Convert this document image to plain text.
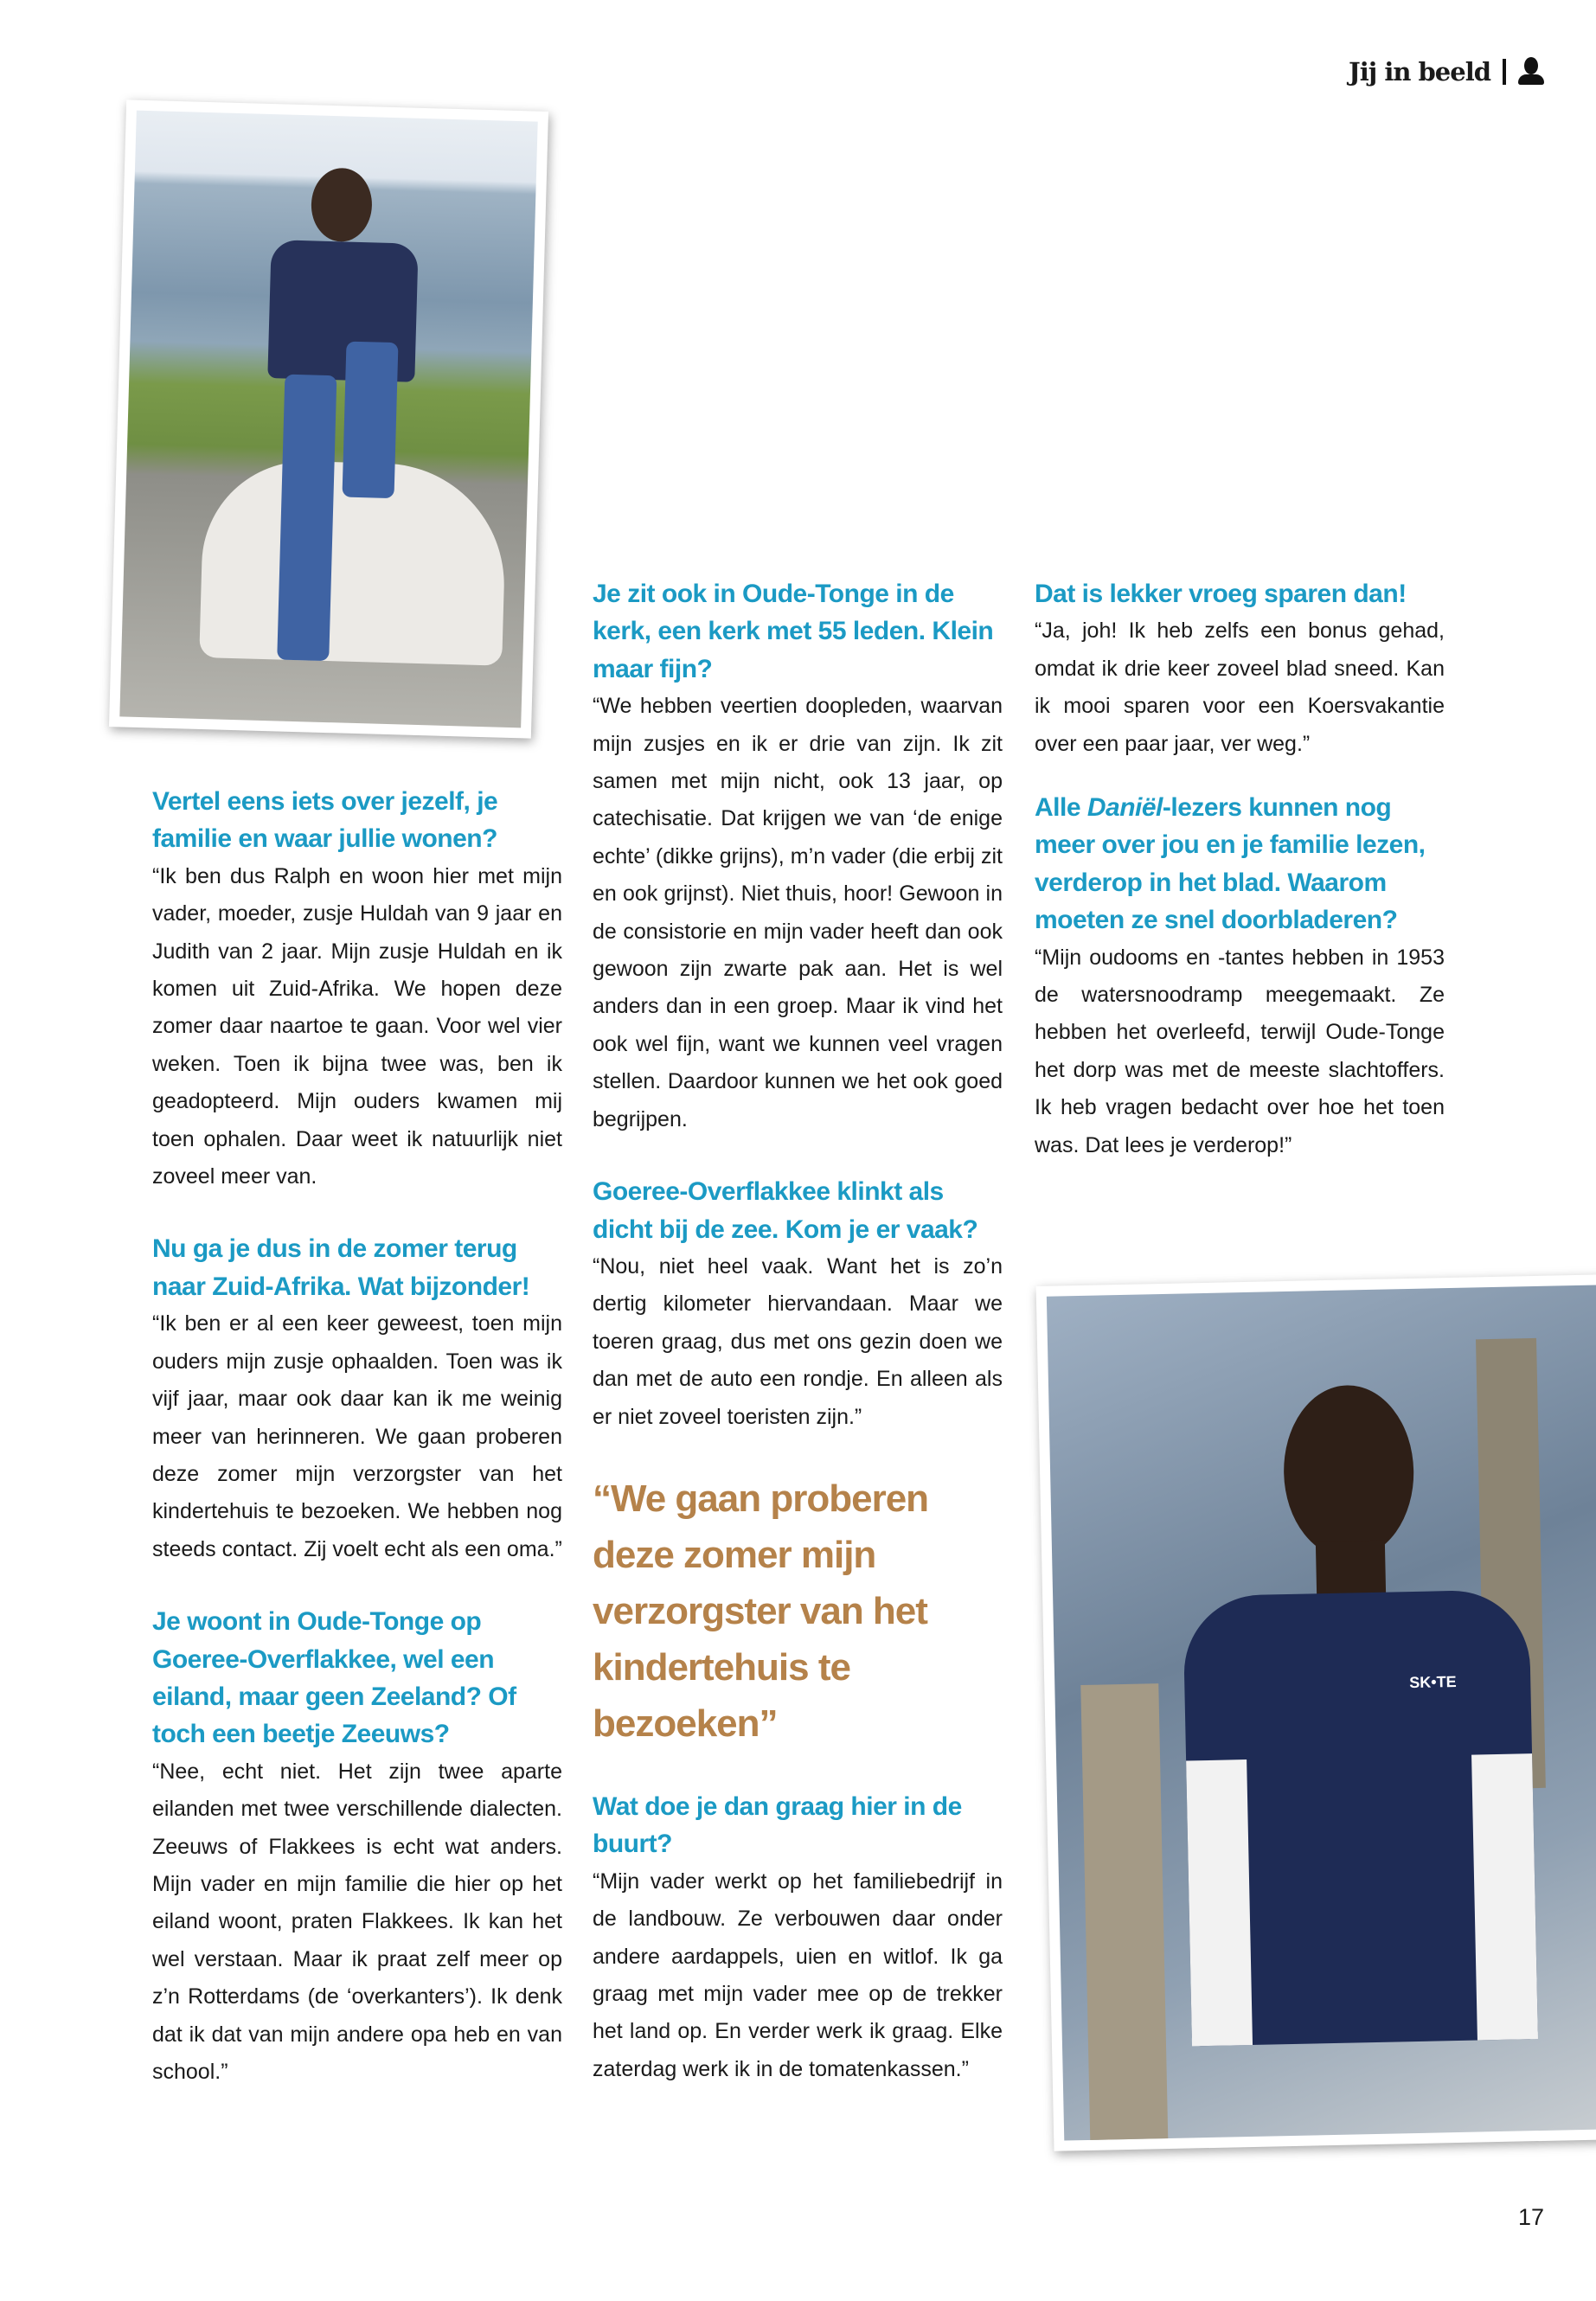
Jij in beeld
Vertel eens iets over jezelf, je familie en waar jullie wonen?

“Ik ben dus Ralph en woon hier met mijn vader, moeder, zusje Huldah van 9 jaar en Judith van 2 jaar. Mijn zusje Huldah en ik komen uit Zuid-Afrika. We hopen deze zomer daar naartoe te gaan. Voor wel vier weken. Toen ik bijna twee was, ben ik geadopteerd. Mijn ouders kwamen mij toen ophalen. Daar weet ik natuurlijk niet zoveel meer van.

Nu ga je dus in de zomer terug naar Zuid-Afrika. Wat bijzonder!

“Ik ben er al een keer geweest, toen mijn ouders mijn zusje ophaalden. Toen was ik vijf jaar, maar ook daar kan ik me weinig meer van herinneren. We gaan proberen deze zomer mijn verzorgster van het kindertehuis te bezoeken. We hebben nog steeds contact. Zij voelt echt als een oma.”

Je woont in Oude-Tonge op Goeree-Overflakkee, wel een eiland, maar geen Zeeland? Of toch een beetje Zeeuws?

“Nee, echt niet. Het zijn twee aparte eilanden met twee verschillende dialecten. Zeeuws of Flakkees is echt wat anders. Mijn vader en mijn familie die hier op het eiland woont, praten Flakkees. Ik kan het wel verstaan. Maar ik praat zelf meer op z’n Rotterdams (de ‘overkanters’). Ik denk dat ik dat van mijn andere opa heb en van school.”

Je zit ook in Oude-Tonge in de kerk, een kerk met 55 leden. Klein maar fijn?

“We hebben veertien doopleden, waarvan mijn zusjes en ik er drie van zijn. Ik zit samen met mijn nicht, ook 13 jaar, op catechisatie. Dat krijgen we van ‘de enige echte’ (dikke grijns), m’n vader (die erbij zit en ook grijnst). Niet thuis, hoor! Gewoon in de consistorie en mijn vader heeft dan ook gewoon zijn zwarte pak aan. Het is wel anders dan in een groep. Maar ik vind het ook wel fijn, want we kunnen veel vragen stellen. Daardoor kunnen we het ook goed begrijpen.

Goeree-Overflakkee klinkt als dicht bij de zee. Kom je er vaak?

“Nou, niet heel vaak. Want het is zo’n dertig kilometer hiervandaan. Maar we toeren graag, dus met ons gezin doen we dan met de auto een rondje. En alleen als er niet zoveel toeristen zijn.”

“We gaan proberen deze zomer mijn verzorgster van het kindertehuis te bezoeken”
Wat doe je dan graag hier in de buurt?

“Mijn vader werkt op het familiebedrijf in de landbouw. Ze verbouwen daar onder andere aardappels, uien en witlof. Ik ga graag met mijn vader mee op de trekker het land op. En verder werk ik graag. Elke zaterdag werk ik in de tomatenkassen.”

Dat is lekker vroeg sparen dan!

“Ja, joh! Ik heb zelfs een bonus gehad, omdat ik drie keer zoveel blad sneed. Kan ik mooi sparen voor een Koersvakantie over een paar jaar, ver weg.”

Alle Daniël-lezers kunnen nog meer over jou en je familie lezen, verderop in het blad. Waarom moeten ze snel doorbladeren?

“Mijn oudooms en -tantes hebben in 1953 de watersnoodramp meegemaakt. Ze hebben het overleefd, terwijl Oude-Tonge het dorp was met de meeste slachtoffers. Ik heb vragen bedacht over hoe het toen was. Dat lees je verderop!”

SK•TE
17
